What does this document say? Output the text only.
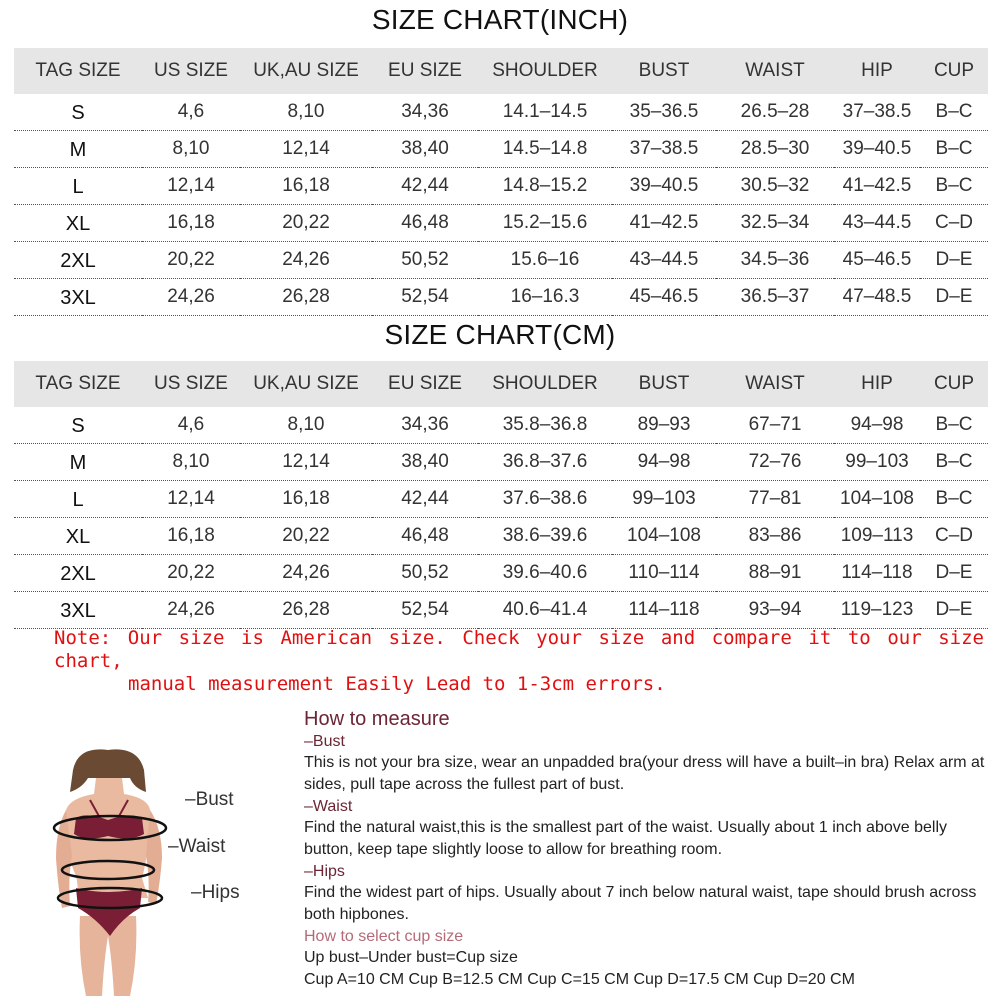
SIZE CHART(INCH)
TAG SIZE	US SIZE	UK,AU SIZE	EU SIZE	SHOULDER	BUST	WAIST	HIP	CUP
S	4,6	8,10	34,36	14.1–14.5	35–36.5	26.5–28	37–38.5	B–C
M	8,10	12,14	38,40	14.5–14.8	37–38.5	28.5–30	39–40.5	B–C
L	12,14	16,18	42,44	14.8–15.2	39–40.5	30.5–32	41–42.5	B–C
XL	16,18	20,22	46,48	15.2–15.6	41–42.5	32.5–34	43–44.5	C–D
2XL	20,22	24,26	50,52	15.6–16	43–44.5	34.5–36	45–46.5	D–E
3XL	24,26	26,28	52,54	16–16.3	45–46.5	36.5–37	47–48.5	D–E
SIZE CHART(CM)
TAG SIZE	US SIZE	UK,AU SIZE	EU SIZE	SHOULDER	BUST	WAIST	HIP	CUP
S	4,6	8,10	34,36	35.8–36.8	89–93	67–71	94–98	B–C
M	8,10	12,14	38,40	36.8–37.6	94–98	72–76	99–103	B–C
L	12,14	16,18	42,44	37.6–38.6	99–103	77–81	104–108	B–C
XL	16,18	20,22	46,48	38.6–39.6	104–108	83–86	109–113	C–D
2XL	20,22	24,26	50,52	39.6–40.6	110–114	88–91	114–118	D–E
3XL	24,26	26,28	52,54	40.6–41.4	114–118	93–94	119–123	D–E
Note: Our size is American size. Check your size and compare it to our size chart,
manual measurement Easily Lead to 1-3cm errors.
–Bust
–Waist
–Hips
How to measure
–Bust
This is not your bra size, wear an unpadded bra(your dress will have a built–in bra) Relax arm at sides, pull tape across the fullest part of bust.
–Waist
Find the natural waist,this is the smallest part of the waist. Usually about 1 inch above belly button, keep tape slightly loose to allow for breathing room.
–Hips
Find the widest part of hips. Usually about 7 inch below natural waist, tape should brush across both hipbones.
How to select cup size
Up bust–Under bust=Cup size
Cup A=10 CM Cup B=12.5 CM Cup C=15 CM Cup D=17.5 CM Cup D=20 CM
